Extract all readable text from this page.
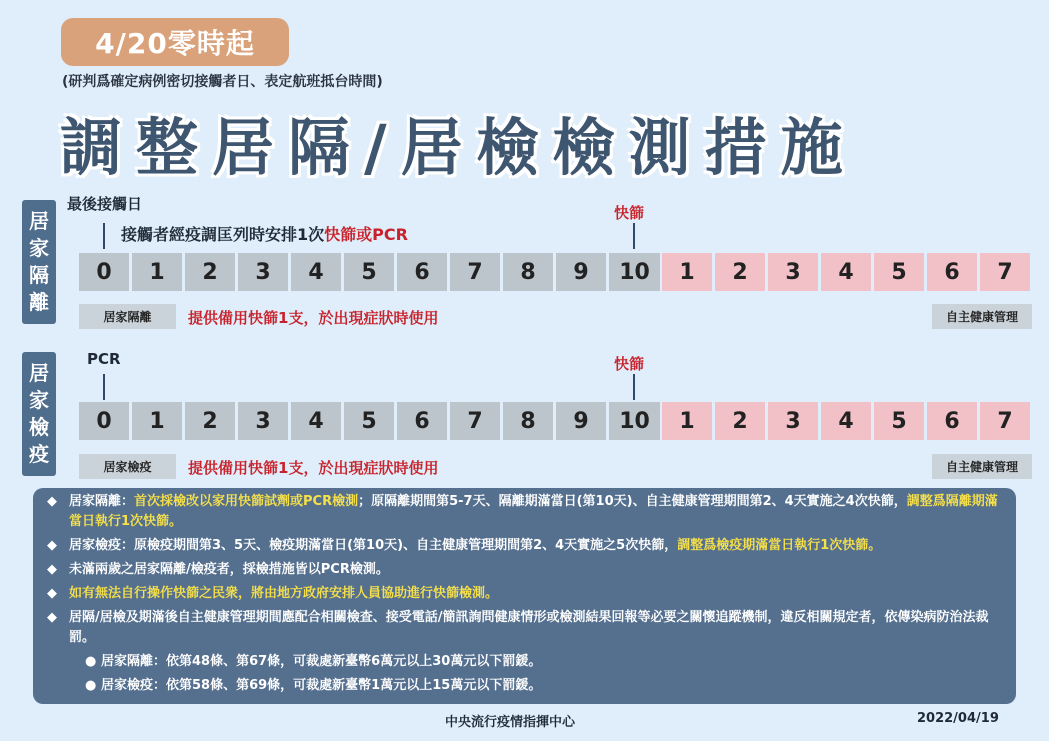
4/20零時起
(研判爲確定病例密切接觸者日、表定航班抵台時間)
調整居隔/居檢檢測措施
居
家
隔
離
最後接觸日
接觸者經疫調匡列時安排1次快篩或PCR
快篩
0	1	2	3	4	5	6	7	8	9	10	1	2	3	4	5	6	7
居家隔離	提供備用快篩1支，於出現症狀時使用	自主健康管理
居
家
檢
疫
PCR	快篩
0	1	2	3	4	5	6	7	8	9	10	1	2	3	4	5	6	7
居家檢疫	提供備用快篩1支，於出現症狀時使用	自主健康管理
◆ 居家隔離：首次採檢改以家用快篩試劑或PCR檢測；原隔離期間第5-7天、隔離期滿當日(第10天)、自主健康管理期間第2、4天實施之4次快篩，調整爲隔離期滿當日執行1次快篩。
◆ 居家檢疫：原檢疫期間第3、5天、檢疫期滿當日(第10天)、自主健康管理期間第2、4天實施之5次快篩，調整爲檢疫期滿當日執行1次快篩。
◆ 未滿兩歲之居家隔離/檢疫者，採檢措施皆以PCR檢測。
◆ 如有無法自行操作快篩之民衆，將由地方政府安排人員協助進行快篩檢測。
◆ 居隔/居檢及期滿後自主健康管理期間應配合相關檢查、接受電話/簡訊詢問健康情形或檢測結果回報等必要之關懷追蹤機制，違反相關規定者，依傳染病防治法裁罰。
● 居家隔離：依第48條、第67條，可裁處新臺幣6萬元以上30萬元以下罰鍰。
● 居家檢疫：依第58條、第69條，可裁處新臺幣1萬元以上15萬元以下罰鍰。
中央流行疫情指揮中心	2022/04/19
